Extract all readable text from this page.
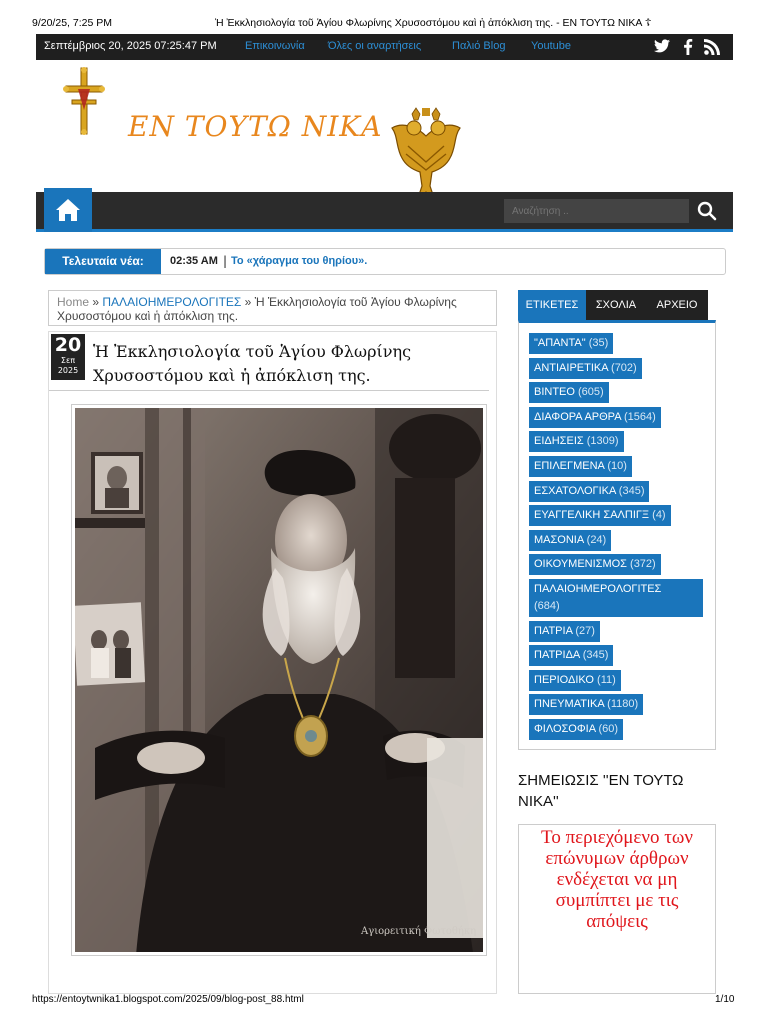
9/20/25, 7:25 PM	Ἡ Ἐκκλησιολογία τοῦ Ἁγίου Φλωρίνης Χρυσοστόμου καὶ ἡ ἀπόκλιση της. - ΕΝ ΤΟΥΤΩ ΝΙΚΑ ☦
Σεπτέμβριος 20, 2025 07:25:47 PM	Επικοινωνία Όλες οι αναρτήσεις	Παλιό Blog Youtube
ΕΝ ΤΟΥΤΩ ΝΙΚΑ
Αναζήτηση ..
Τελευταία νέα:	02:35 AM | Το «χάραγμα του θηρίου».
Home » ΠΑΛΑΙΟΗΜΕΡΟΛΟΓΙΤΕΣ » Ἡ Ἐκκλησιολογία τοῦ Ἁγίου Φλωρίνης Χρυσοστόμου καὶ ἡ ἀπόκλιση της.
20
Σεπ
2025
Ἡ Ἐκκλησιολογία τοῦ Ἁγίου Φλωρίνης Χρυσοστόμου καὶ ἡ ἀπόκλιση της.
Αγιορειτική Φωτοθήκη
ΕΤΙΚΕΤΕΣ	ΣΧΟΛΙΑ	ΑΡΧΕΙΟ
"ΑΠΑΝΤΑ" (35)
ΑΝΤΙΑΙΡΕΤΙΚΑ (702)
ΒΙΝΤΕΟ (605)
ΔΙΑΦΟΡΑ ΑΡΘΡΑ (1564)
ΕΙΔΗΣΕΙΣ (1309)
ΕΠΙΛΕΓΜΕΝΑ (10)
ΕΣΧΑΤΟΛΟΓΙΚΑ (345)
ΕΥΑΓΓΕΛΙΚΗ ΣΑΛΠΙΓΞ (4)
ΜΑΣΟΝΙΑ (24)
ΟΙΚΟΥΜΕΝΙΣΜΟΣ (372)
ΠΑΛΑΙΟΗΜΕΡΟΛΟΓΙΤΕΣ
(684)
ΠΑΤΡΙΑ (27)
ΠΑΤΡΙΔΑ (345)
ΠΕΡΙΟΔΙΚΟ (11)
ΠΝΕΥΜΑΤΙΚΑ (1180)
ΦΙΛΟΣΟΦΙΑ (60)
ΣΗΜΕΙΩΣΙΣ ''ΕΝ ΤΟΥΤΩ ΝΙΚΑ''
Το περιεχόμενο των επώνυμων άρθρων ενδέχεται να μη συμπίπτει με τις απόψεις
https://entoytwnika1.blogspot.com/2025/09/blog-post_88.html	1/10
